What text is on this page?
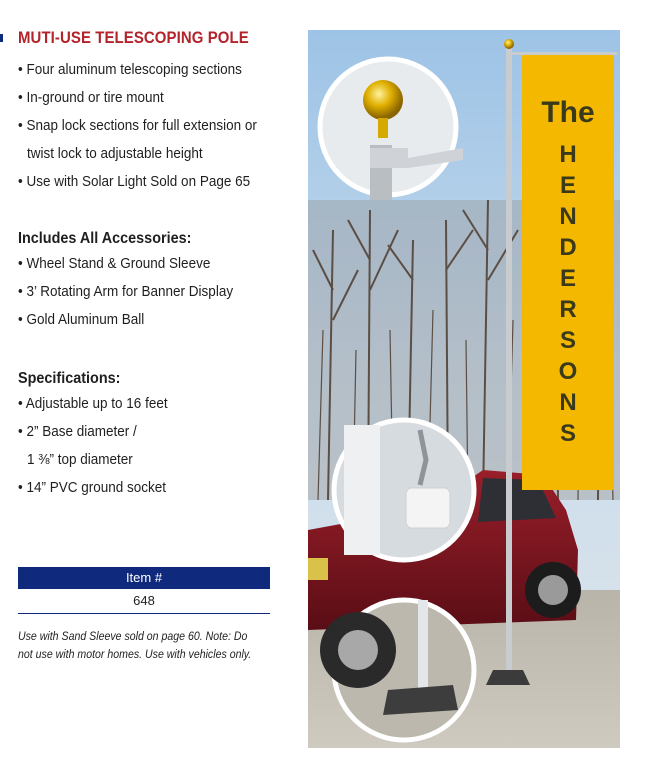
MUTI-USE TELESCOPING POLE
• Four aluminum telescoping sections
• In-ground or tire mount
• Snap lock sections for full extension or
twist lock to adjustable height
• Use with Solar Light Sold on Page 65
Includes All Accessories:
• Wheel Stand & Ground Sleeve
• 3’ Rotating Arm for Banner Display
• Gold Aluminum Ball
Specifications:
• Adjustable up to 16 feet
• 2” Base diameter /
1 ⅜” top diameter
• 14” PVC ground socket
Item #
648
Use with Sand Sleeve sold on page 60. Note: Do not use with motor homes. Use with vehicles only.
The
H
E
N
D
E
R
S
O
N
S
